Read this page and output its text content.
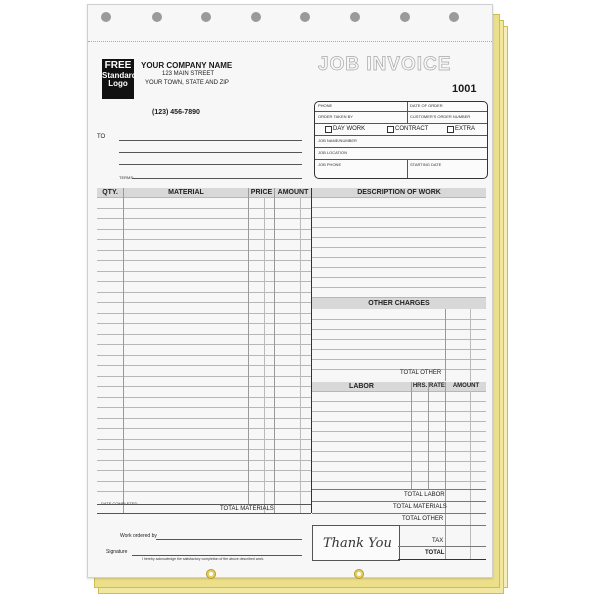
FREE
Standard
Logo
YOUR COMPANY NAME
123 MAIN STREET
YOUR TOWN, STATE AND ZIP
(123) 456-7890
JOB INVOICE
1001
TO
TERMS:
PHONE	DATE OF ORDER
ORDER TAKEN BY	CUSTOMER'S ORDER NUMBER
DAY WORK	CONTRACT	EXTRA
JOB NAME/NUMBER
JOB LOCATION
JOB PHONE	STARTING DATE
QTY.	MATERIAL	PRICE AMOUNT
DATE COMPLETED
TOTAL MATERIALS
DESCRIPTION OF WORK
OTHER CHARGES
TOTAL OTHER
LABOR	HRS. RATE	AMOUNT
TOTAL LABOR
TOTAL MATERIALS
TOTAL OTHER
Thank You	TAX
TOTAL
Work ordered by
Signature
I hereby acknowledge the satisfactory completion of the above described work.
